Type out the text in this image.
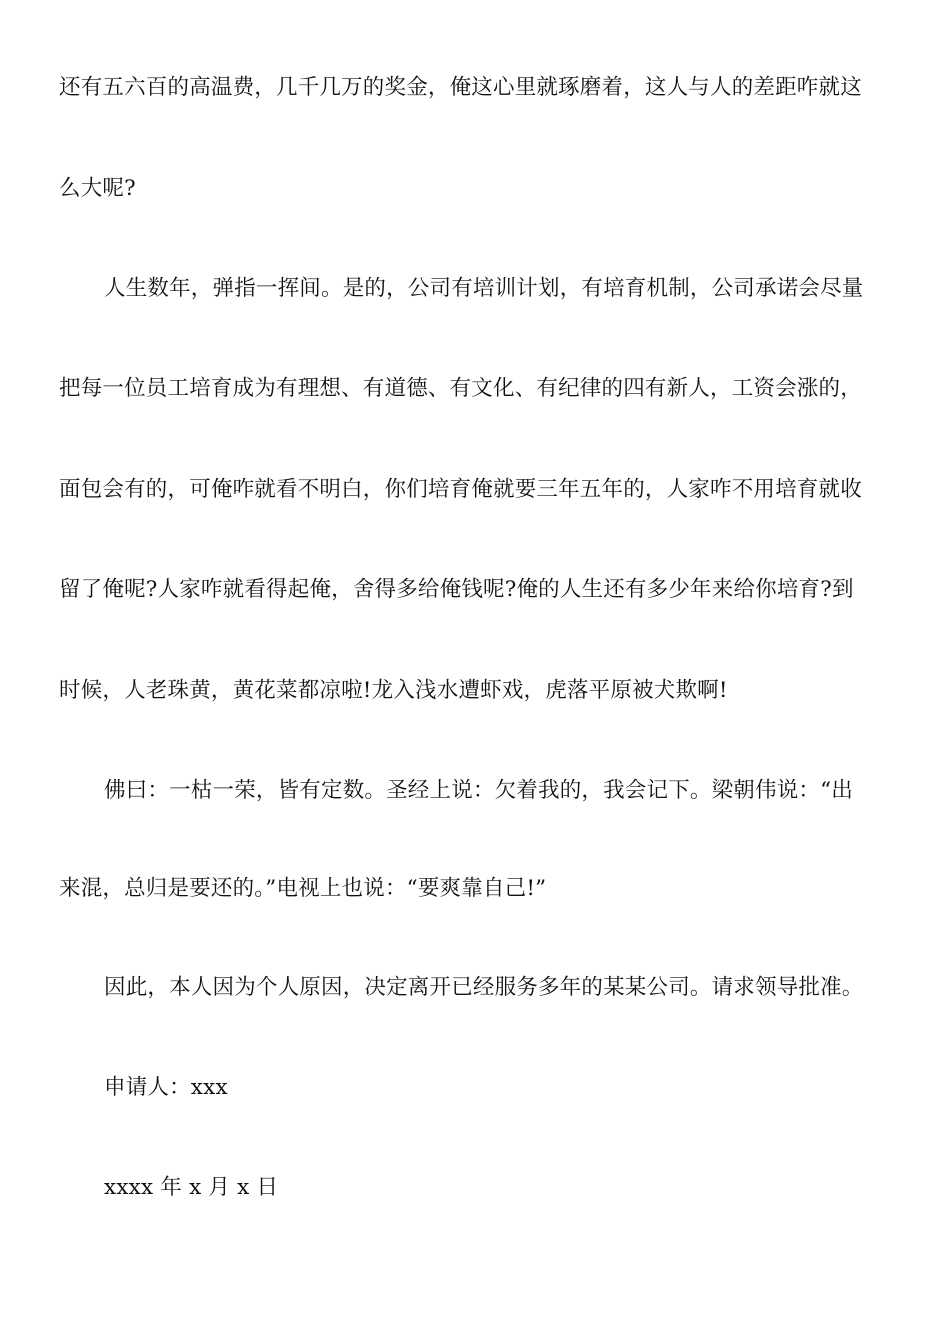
还有五六百的高温费，几千几万的奖金，俺这心里就琢磨着，这人与人的差距咋就这
么大呢?
人生数年，弹指一挥间。是的，公司有培训计划，有培育机制，公司承诺会尽量
把每一位员工培育成为有理想、有道德、有文化、有纪律的四有新人，工资会涨的，
面包会有的，可俺咋就看不明白，你们培育俺就要三年五年的，人家咋不用培育就收
留了俺呢?人家咋就看得起俺，舍得多给俺钱呢?俺的人生还有多少年来给你培育?到
时候，人老珠黄，黄花菜都凉啦!龙入浅水遭虾戏，虎落平原被犬欺啊!
佛曰：一枯一荣，皆有定数。圣经上说：欠着我的，我会记下。梁朝伟说：“出
来混，总归是要还的。”电视上也说：“要爽靠自己!”
因此，本人因为个人原因，决定离开已经服务多年的某某公司。请求领导批准。
申请人：xxx
xxxx 年 x 月 x 日
